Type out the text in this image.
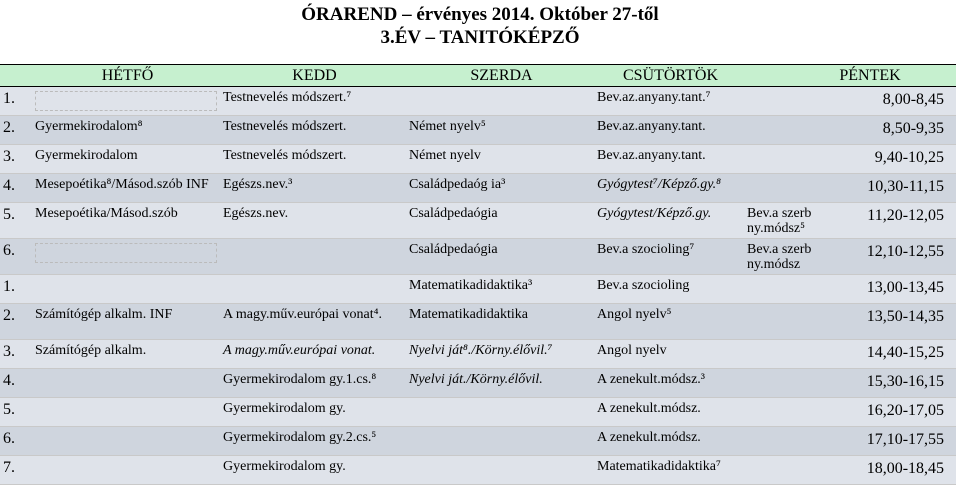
ÓRAREND – érvényes 2014. Október 27-től
3.ÉV – TANITÓKÉPZŐ
	HÉTFŐ	KEDD	SZERDA	CSÜTÖRTÖK	PÉNTEK	
1.		Testnevelés módszert.⁷		Bev.az.anyany.tant.⁷		8,00-8,45
2.	Gyermekirodalom⁸	Testnevelés módszert.	Német nyelv⁵	Bev.az.anyany.tant.		8,50-9,35
3.	Gyermekirodalom	Testnevelés módszert.	Német nyelv	Bev.az.anyany.tant.		9,40-10,25
4.	Mesepoétika⁸/Másod.szób INF	Egészs.nev.³	Családpedaóg ia³	Gyógytest⁷/Képző.gy.⁸		10,30-11,15
5.	Mesepoétika/Másod.szób	Egészs.nev.	Családpedaógia	Gyógytest/Képző.gy.	Bev.a szerb ny.módsz⁵	11,20-12,05
6.			Családpedaógia	Bev.a szocioling⁷	Bev.a szerb ny.módsz	12,10-12,55
1.			Matematikadidaktika³	Bev.a szocioling		13,00-13,45
2.	Számítógép alkalm. INF	A magy.műv.európai vonat⁴.	Matematikadidaktika	Angol nyelv⁵		13,50-14,35
3.	Számítógép alkalm.	A magy.műv.európai vonat.	Nyelvi ját⁸./Körny.élővil.⁷	Angol nyelv		14,40-15,25
4.		Gyermekirodalom gy.1.cs.⁸	Nyelvi ját./Körny.élővil.	A zenekult.módsz.³		15,30-16,15
5.		Gyermekirodalom gy.		A zenekult.módsz.		16,20-17,05
6.		Gyermekirodalom gy.2.cs.⁵		A zenekult.módsz.		17,10-17,55
7.		Gyermekirodalom gy.		Matematikadidaktika⁷		18,00-18,45
